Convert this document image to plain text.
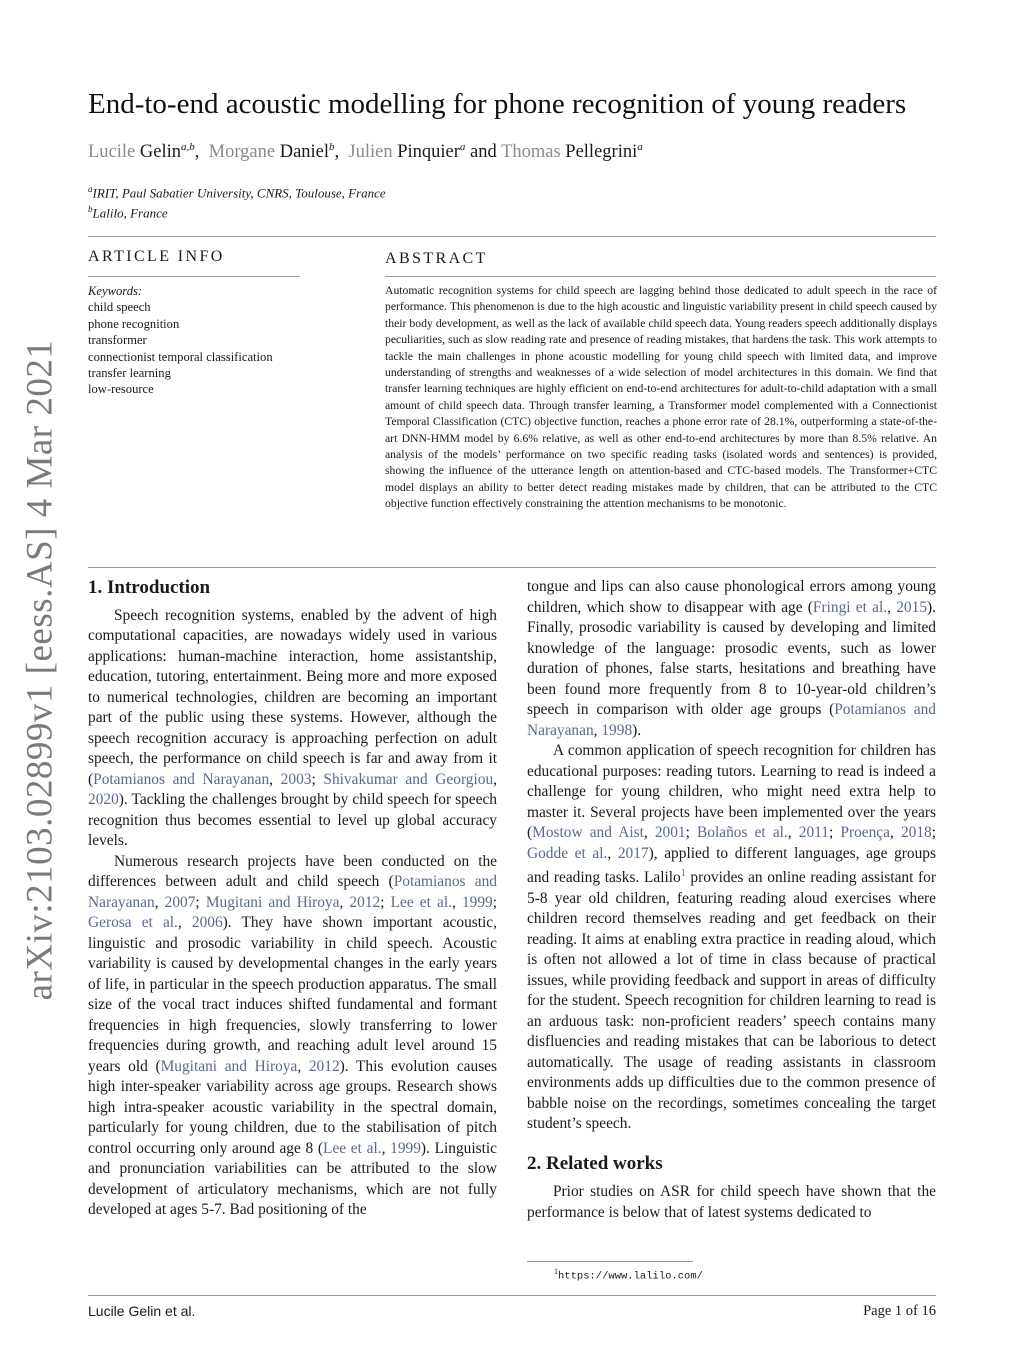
arXiv:2103.02899v1 [eess.AS] 4 Mar 2021
End-to-end acoustic modelling for phone recognition of young readers
Lucile Gelin$^{a,b}$, Morgane Daniel$^b$, Julien Pinquier$^a$ and Thomas Pellegrini$^a$
$^a$IRIT, Paul Sabatier University, CNRS, Toulouse, France
$^b$Lalilo, France
ARTICLE INFO
Keywords:
child speech
phone recognition
transformer
connectionist temporal classification
transfer learning
low-resource
ABSTRACT
Automatic recognition systems for child speech are lagging behind those dedicated to adult speech in the race of performance. This phenomenon is due to the high acoustic and linguistic variability present in child speech caused by their body development, as well as the lack of available child speech data. Young readers speech additionally displays peculiarities, such as slow reading rate and presence of reading mistakes, that hardens the task. This work attempts to tackle the main challenges in phone acoustic modelling for young child speech with limited data, and improve understanding of strengths and weaknesses of a wide selection of model architectures in this domain. We find that transfer learning techniques are highly efficient on end-to-end architectures for adult-to-child adaptation with a small amount of child speech data. Through transfer learning, a Transformer model complemented with a Connectionist Temporal Classification (CTC) objective function, reaches a phone error rate of 28.1%, outperforming a state-of-the-art DNN-HMM model by 6.6% relative, as well as other end-to-end architectures by more than 8.5% relative. An analysis of the models’ performance on two specific reading tasks (isolated words and sentences) is provided, showing the influence of the utterance length on attention-based and CTC-based models. The Transformer+CTC model displays an ability to better detect reading mistakes made by children, that can be attributed to the CTC objective function effectively constraining the attention mechanisms to be monotonic.
1. Introduction

Speech recognition systems, enabled by the advent of high computational capacities, are nowadays widely used in various applications: human-machine interaction, home assistantship, education, tutoring, entertainment. Being more and more exposed to numerical technologies, children are becoming an important part of the public using these systems. However, although the speech recognition accuracy is approaching perfection on adult speech, the performance on child speech is far and away from it (Potamianos and Narayanan, 2003; Shivakumar and Georgiou, 2020). Tackling the challenges brought by child speech for speech recognition thus becomes essential to level up global accuracy levels.

Numerous research projects have been conducted on the differences between adult and child speech (Potamianos and Narayanan, 2007; Mugitani and Hiroya, 2012; Lee et al., 1999; Gerosa et al., 2006). They have shown important acoustic, linguistic and prosodic variability in child speech. Acoustic variability is caused by developmental changes in the early years of life, in particular in the speech production apparatus. The small size of the vocal tract induces shifted fundamental and formant frequencies in high frequencies, slowly transferring to lower frequencies during growth, and reaching adult level around 15 years old (Mugitani and Hiroya, 2012). This evolution causes high inter-speaker variability across age groups. Research shows high intra-speaker acoustic variability in the spectral domain, particularly for young children, due to the stabilisation of pitch control occurring only around age 8 (Lee et al., 1999). Linguistic and pronunciation variabilities can be attributed to the slow development of articulatory mechanisms, which are not fully developed at ages 5-7. Bad positioning of the

tongue and lips can also cause phonological errors among young children, which show to disappear with age (Fringi et al., 2015). Finally, prosodic variability is caused by developing and limited knowledge of the language: prosodic events, such as lower duration of phones, false starts, hesitations and breathing have been found more frequently from 8 to 10-year-old children’s speech in comparison with older age groups (Potamianos and Narayanan, 1998).

A common application of speech recognition for children has educational purposes: reading tutors. Learning to read is indeed a challenge for young children, who might need extra help to master it. Several projects have been implemented over the years (Mostow and Aist, 2001; Bolaños et al., 2011; Proença, 2018; Godde et al., 2017), applied to different languages, age groups and reading tasks. Lalilo$^1$ provides an online reading assistant for 5-8 year old children, featuring reading aloud exercises where children record themselves reading and get feedback on their reading. It aims at enabling extra practice in reading aloud, which is often not allowed a lot of time in class because of practical issues, while providing feedback and support in areas of difficulty for the student. Speech recognition for children learning to read is an arduous task: non-proficient readers’ speech contains many disfluencies and reading mistakes that can be laborious to detect automatically. The usage of reading assistants in classroom environments adds up difficulties due to the common presence of babble noise on the recordings, sometimes concealing the target student’s speech.

2. Related works

Prior studies on ASR for child speech have shown that the performance is below that of latest systems dedicated to

$^1$https://www.lalilo.com/
Lucile Gelin et al.	Page 1 of 16
